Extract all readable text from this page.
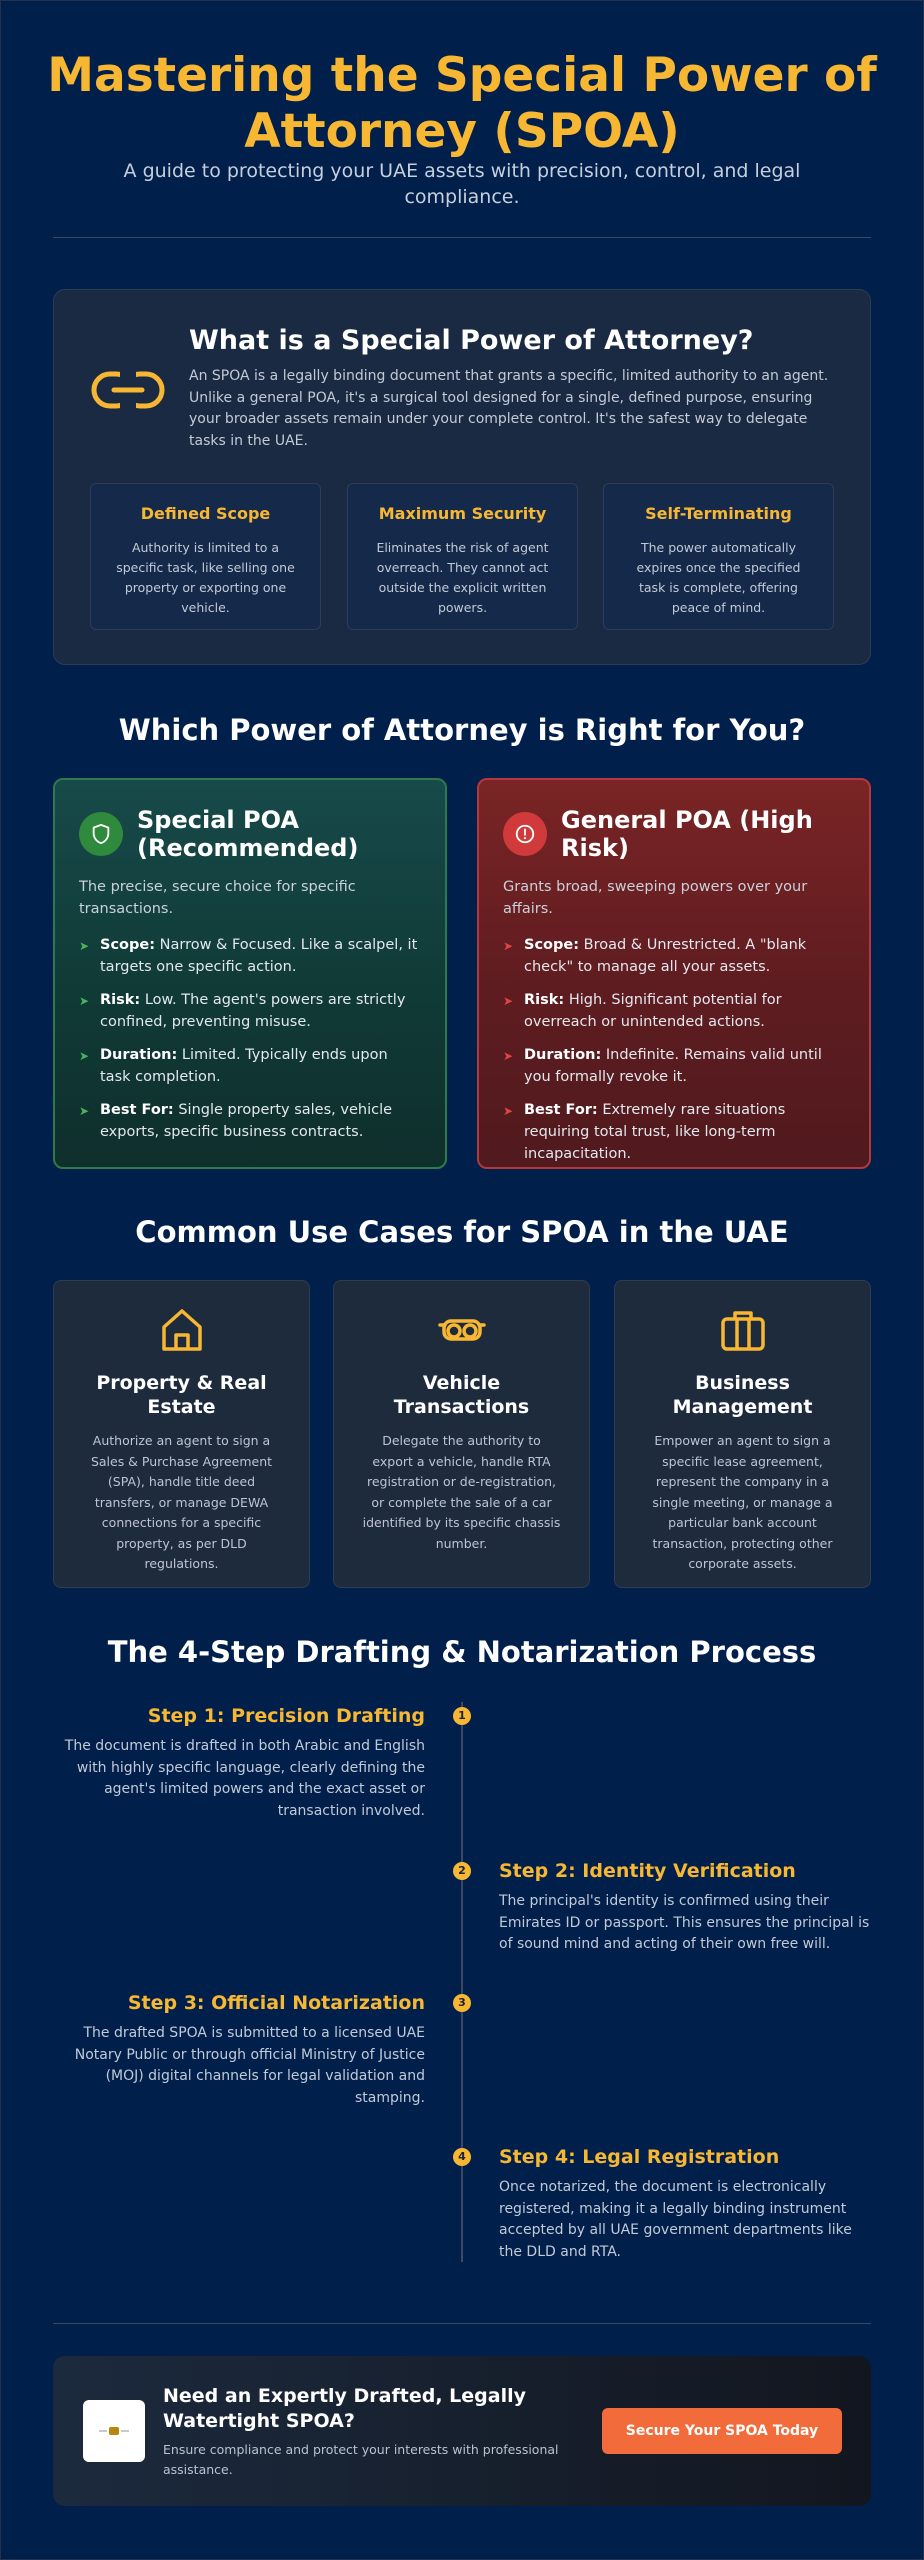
Mastering the Special Power of Attorney (SPOA)

A guide to protecting your UAE assets with precision, control, and legal compliance.

What is a Special Power of Attorney?

An SPOA is a legally binding document that grants a specific, limited authority to an agent. Unlike a general POA, it's a surgical tool designed for a single, defined purpose, ensuring your broader assets remain under your complete control. It's the safest way to delegate tasks in the UAE.

Defined Scope
Authority is limited to a specific task, like selling one property or exporting one vehicle.
Maximum Security
Eliminates the risk of agent overreach. They cannot act outside the explicit written powers.
Self-Terminating
The power automatically expires once the specified task is complete, offering peace of mind.
Which Power of Attorney is Right for You?
Special POA (Recommended)

The precise, secure choice for specific transactions.

➤ Scope: Narrow & Focused. Like a scalpel, it targets one specific action.
➤ Risk: Low. The agent's powers are strictly confined, preventing misuse.
➤ Duration: Limited. Typically ends upon task completion.
➤ Best For: Single property sales, vehicle exports, specific business contracts.
General POA (High Risk)

Grants broad, sweeping powers over your affairs.

➤ Scope: Broad & Unrestricted. A "blank check" to manage all your assets.
➤ Risk: High. Significant potential for overreach or unintended actions.
➤ Duration: Indefinite. Remains valid until you formally revoke it.
➤ Best For: Extremely rare situations requiring total trust, like long-term incapacitation.
Common Use Cases for SPOA in the UAE
Property & Real Estate

Authorize an agent to sign a Sales & Purchase Agreement (SPA), handle title deed transfers, or manage DEWA connections for a specific property, as per DLD regulations.

Vehicle Transactions

Delegate the authority to export a vehicle, handle RTA registration or de-registration, or complete the sale of a car identified by its specific chassis number.

Business Management

Empower an agent to sign a specific lease agreement, represent the company in a single meeting, or manage a particular bank account transaction, protecting other corporate assets.

The 4-Step Drafting & Notarization Process
1
Step 1: Precision Drafting
The document is drafted in both Arabic and English with highly specific language, clearly defining the agent's limited powers and the exact asset or transaction involved.
2 Step 2: Identity Verification
The principal's identity is confirmed using their Emirates ID or passport. This ensures the principal is of sound mind and acting of their own free will.
3
Step 3: Official Notarization
The drafted SPOA is submitted to a licensed UAE Notary Public or through official Ministry of Justice (MOJ) digital channels for legal validation and stamping.
4 Step 4: Legal Registration
Once notarized, the document is electronically registered, making it a legally binding instrument accepted by all UAE government departments like the DLD and RTA.
Need an Expertly Drafted, Legally Watertight SPOA?

Ensure compliance and protect your interests with professional assistance.

Secure Your SPOA Today
